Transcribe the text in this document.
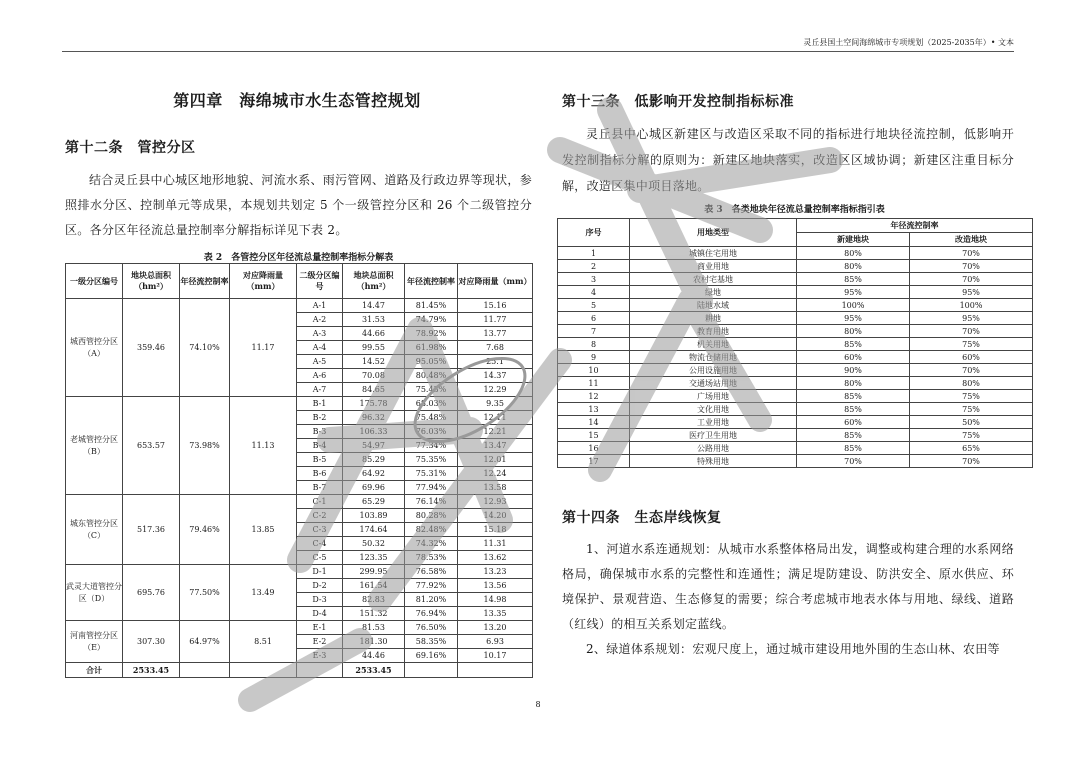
灵丘县国土空间海绵城市专项规划（2025-2035年）• 文本
第四章　海绵城市水生态管控规划
第十二条　管控分区
结合灵丘县中心城区地形地貌、河流水系、雨污管网、道路及行政边界等现状，参照排水分区、控制单元等成果，本规划共划定 5 个一级管控分区和 26 个二级管控分区。各分区年径流总量控制率分解指标详见下表 2。
表 2　各管控分区年径流总量控制率指标分解表
一级分区编号	地块总面积（hm²）	年径流控制率	对应降雨量（mm）	二级分区编号	地块总面积（hm²）	年径流控制率	对应降雨量（mm）
城西管控分区（A）	359.46	74.10%	11.17	A-1	14.47	81.45%	15.16
				A-2	31.53	74.79%	11.77
				A-3	44.66	78.92%	13.77
				A-4	99.55	61.98%	7.68
				A-5	14.52	95.05%	25.1
				A-6	70.08	80.48%	14.37
				A-7	84.65	75.43%	12.29
老城管控分区（B）	653.57	73.98%	11.13	B-1	175.78	68.03%	9.35
				B-2	96.32	75.48%	12.11
				B-3	106.33	76.03%	12.21
				B-4	54.97	77.34%	13.47
				B-5	85.29	75.35%	12.01
				B-6	64.92	75.31%	12.24
				B-7	69.96	77.94%	13.58
城东管控分区（C）	517.36	79.46%	13.85	C-1	65.29	76.14%	12.93
				C-2	103.89	80.28%	14.20
				C-3	174.64	82.48%	15.18
				C-4	50.32	74.32%	11.31
				C-5	123.35	78.53%	13.62
武灵大道管控分区（D）	695.76	77.50%	13.49	D-1	299.95	76.58%	13.23
				D-2	161.54	77.92%	13.56
				D-3	82.83	81.20%	14.98
				D-4	151.32	76.94%	13.35
河南管控分区（E）	307.30	64.97%	8.51	E-1	81.53	76.50%	13.20
				E-2	181.30	58.35%	6.93
				E-3	44.46	69.16%	10.17
合计	2533.45				2533.45		
第十三条　低影响开发控制指标标准
灵丘县中心城区新建区与改造区采取不同的指标进行地块径流控制，低影响开发控制指标分解的原则为：新建区地块落实，改造区区域协调；新建区注重目标分解，改造区集中项目落地。
表 3　各类地块年径流总量控制率指标指引表
序号	用地类型	年径流控制率	
		新建地块	改造地块
1	城镇住宅用地	80%	70%
2	商业用地	80%	70%
3	农村宅基地	85%	70%
4	绿地	95%	95%
5	陆地水域	100%	100%
6	耕地	95%	95%
7	教育用地	80%	70%
8	机关用地	85%	75%
9	物流仓储用地	60%	60%
10	公用设施用地	90%	70%
11	交通场站用地	80%	80%
12	广场用地	85%	75%
13	文化用地	85%	75%
14	工业用地	60%	50%
15	医疗卫生用地	85%	75%
16	公路用地	85%	65%
17	特殊用地	70%	70%
第十四条　生态岸线恢复
1、河道水系连通规划：从城市水系整体格局出发，调整或构建合理的水系网络格局，确保城市水系的完整性和连通性；满足堤防建设、防洪安全、原水供应、环境保护、景观营造、生态修复的需要；综合考虑城市地表水体与用地、绿线、道路（红线）的相互关系划定蓝线。
2、绿道体系规划：宏观尺度上，通过城市建设用地外围的生态山林、农田等
8
